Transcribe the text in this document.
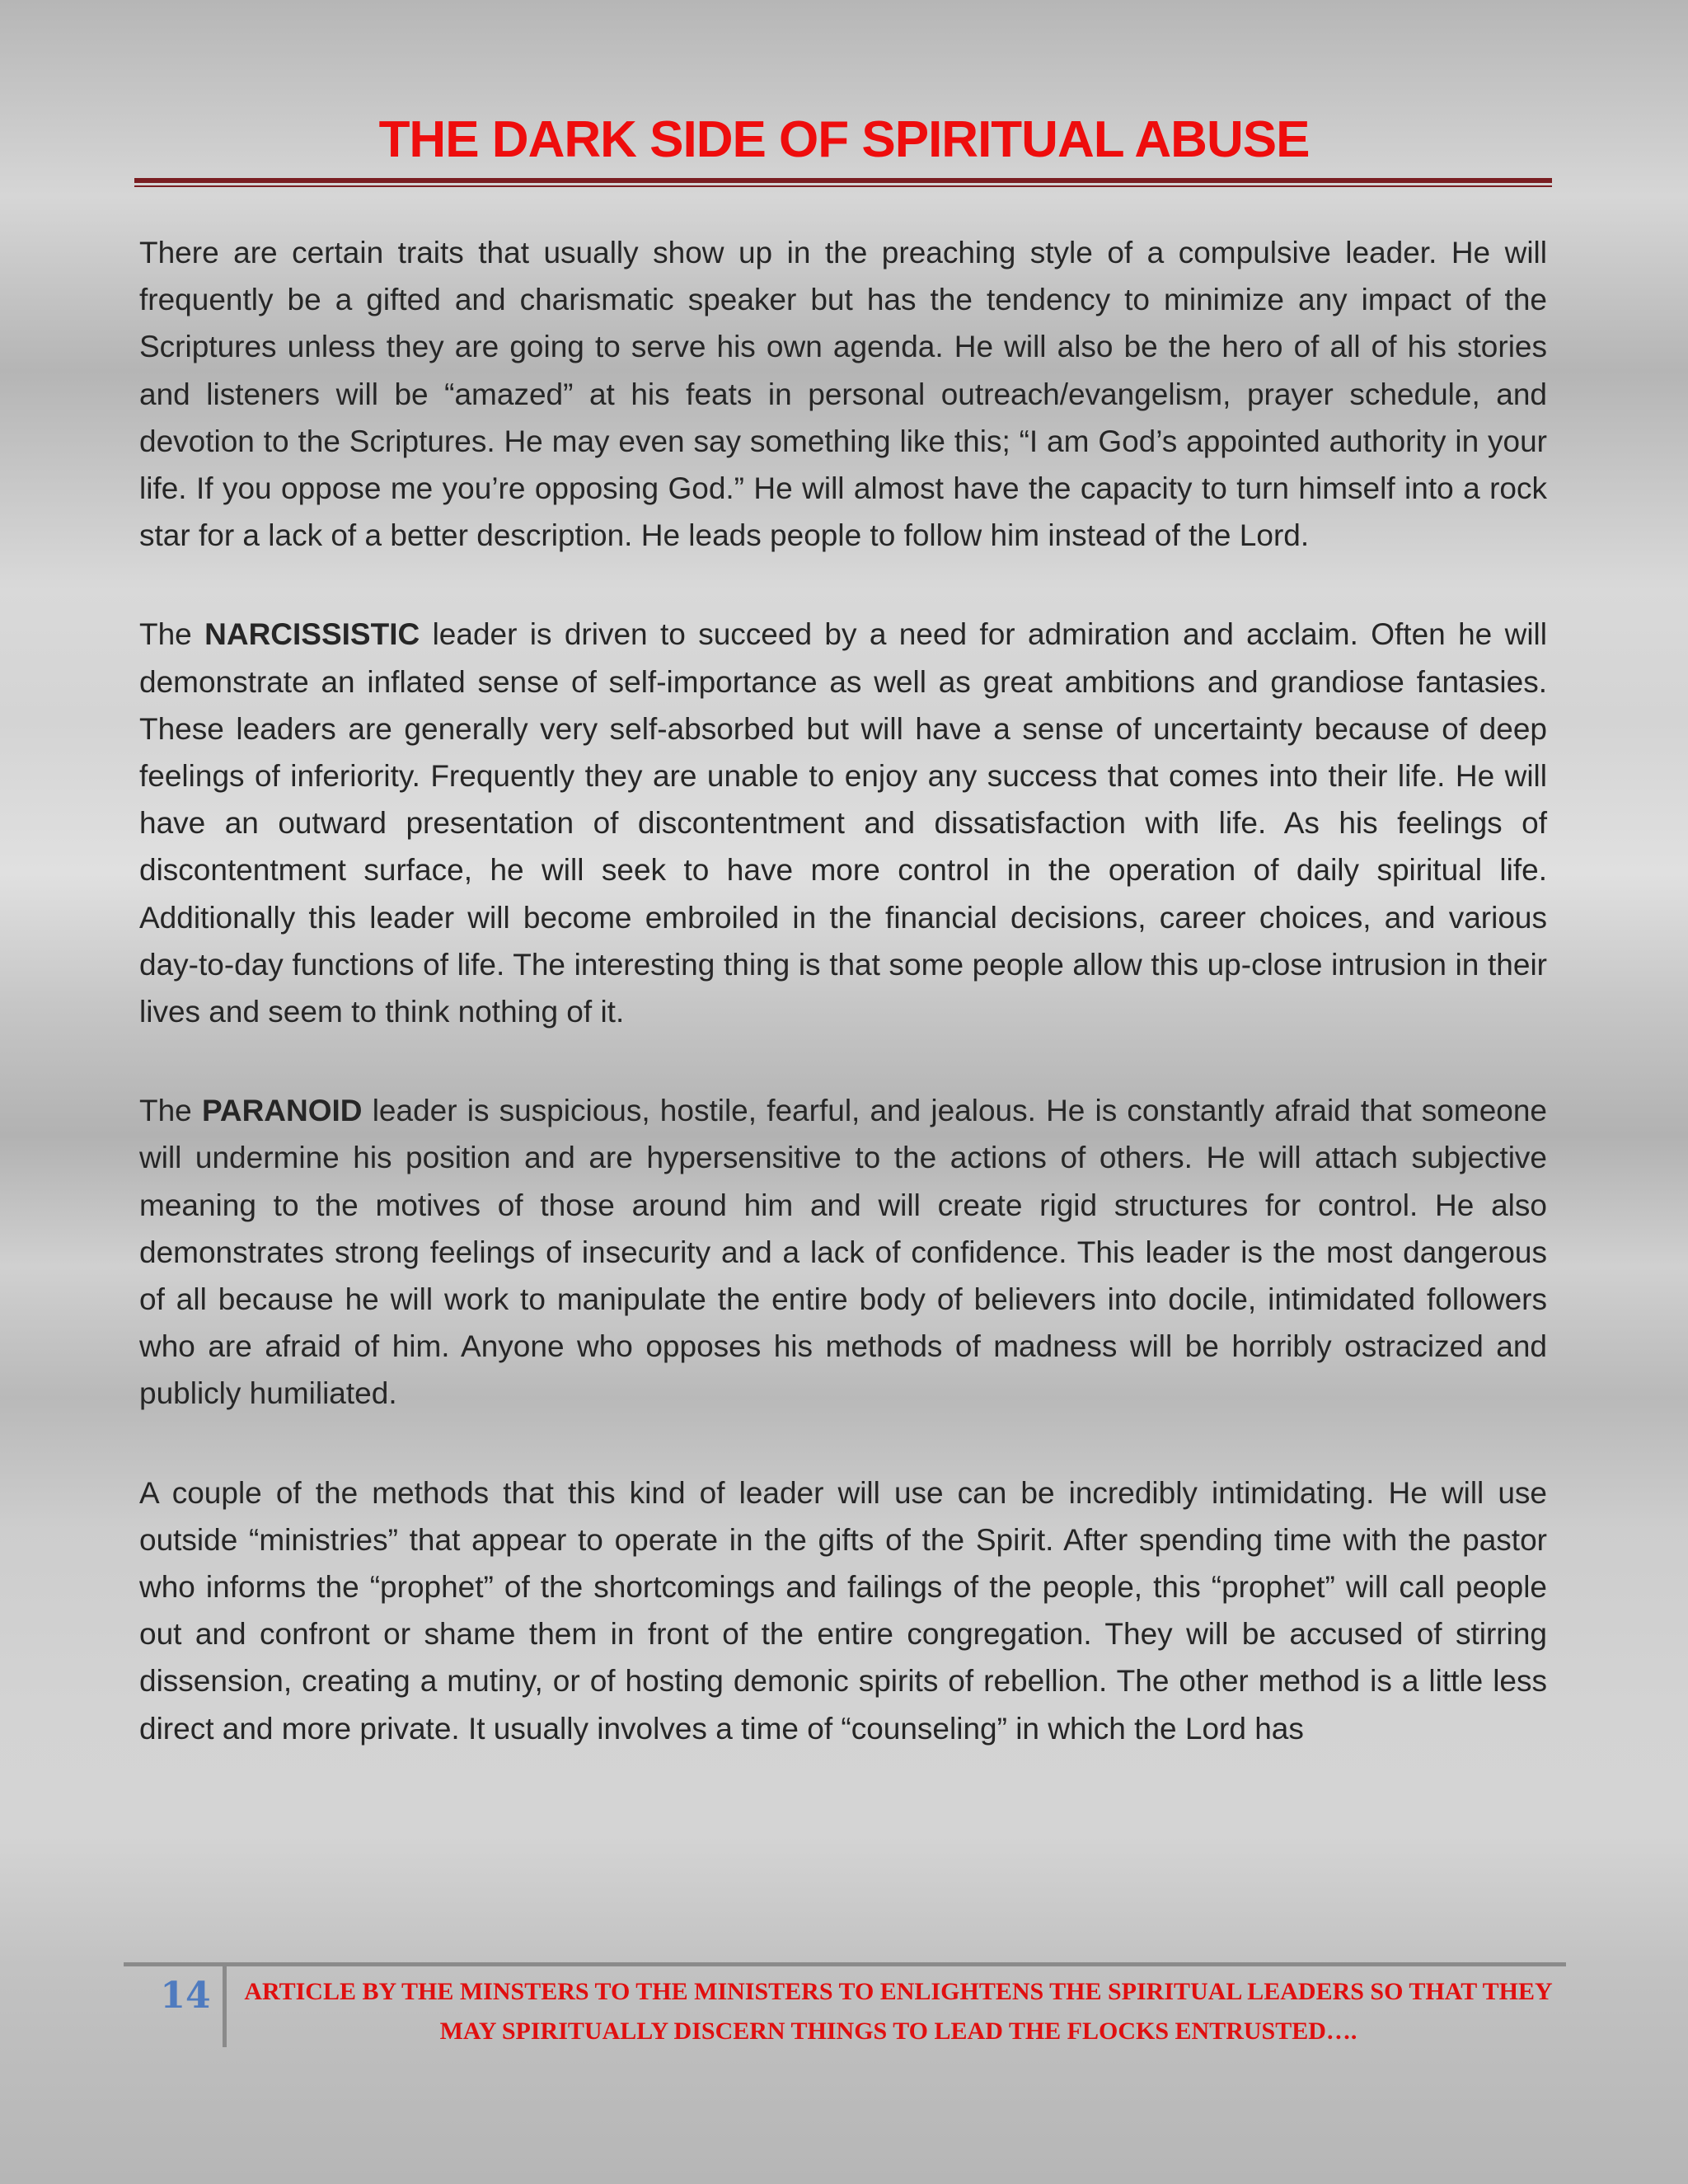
THE DARK SIDE OF SPIRITUAL ABUSE

There are certain traits that usually show up in the preaching style of a compulsive leader. He will frequently be a gifted and charismatic speaker but has the tendency to minimize any impact of the Scriptures unless they are going to serve his own agenda. He will also be the hero of all of his stories and listeners will be “amazed” at his feats in personal outreach/evangelism, prayer schedule, and devotion to the Scriptures. He may even say something like this; “I am God’s appointed authority in your life. If you oppose me you’re opposing God.” He will almost have the capacity to turn himself into a rock star for a lack of a better description. He leads people to follow him instead of the Lord.

The NARCISSISTIC leader is driven to succeed by a need for admiration and acclaim. Often he will demonstrate an inflated sense of self-importance as well as great ambitions and grandiose fantasies. These leaders are generally very self-absorbed but will have a sense of uncertainty because of deep feelings of inferiority. Frequently they are unable to enjoy any success that comes into their life. He will have an outward presentation of discontentment and dissatisfaction with life. As his feelings of discontentment surface, he will seek to have more control in the operation of daily spiritual life. Additionally this leader will become embroiled in the financial decisions, career choices, and various day-to-day functions of life. The interesting thing is that some people allow this up-close intrusion in their lives and seem to think nothing of it.

The PARANOID leader is suspicious, hostile, fearful, and jealous. He is constantly afraid that someone will undermine his position and are hypersensitive to the actions of others. He will attach subjective meaning to the motives of those around him and will create rigid structures for control. He also demonstrates strong feelings of insecurity and a lack of confidence. This leader is the most dangerous of all because he will work to manipulate the entire body of believers into docile, intimidated followers who are afraid of him. Anyone who opposes his methods of madness will be horribly ostracized and publicly humiliated.

A couple of the methods that this kind of leader will use can be incredibly intimidating. He will use outside “ministries” that appear to operate in the gifts of the Spirit. After spending time with the pastor who informs the “prophet” of the shortcomings and failings of the people, this “prophet” will call people out and confront or shame them in front of the entire congregation. They will be accused of stirring dissension, creating a mutiny, or of hosting demonic spirits of rebellion. The other method is a little less direct and more private. It usually involves a time of “counseling” in which the Lord has

14	ARTICLE BY THE MINSTERS TO THE MINISTERS TO ENLIGHTENS THE SPIRITUAL LEADERS SO THAT THEY
MAY SPIRITUALLY DISCERN THINGS TO LEAD THE FLOCKS ENTRUSTED….
